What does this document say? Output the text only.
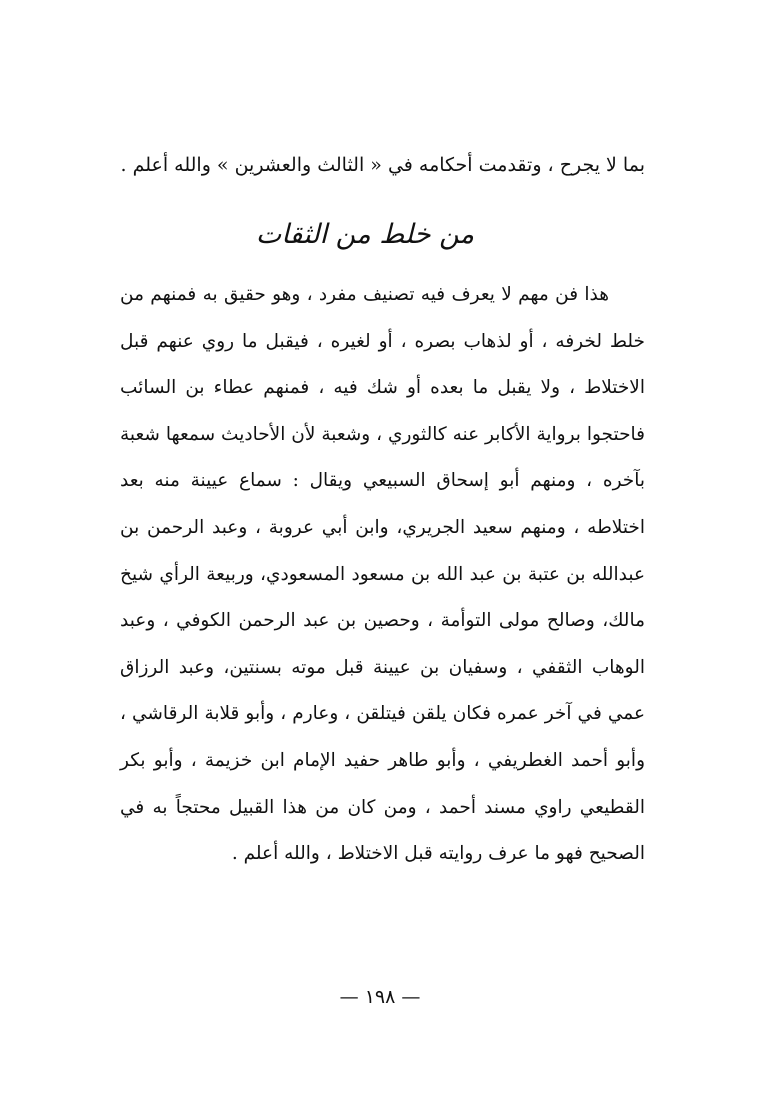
بما لا يجرح ، وتقدمت أحكامه في « الثالث والعشرين » والله أعلم .
من خلط من الثقات

هذا فن مهم لا يعرف فيه تصنيف مفرد ، وهو حقيق به فمنهم من خلط لخرفه ، أو لذهاب بصره ، أو لغيره ، فيقبل ما روي عنهم قبل الاختلاط ، ولا يقبل ما بعده أو شك فيه ، فمنهم عطاء بن السائب فاحتجوا برواية الأكابر عنه كالثوري ، وشعبة لأن الأحاديث سمعها شعبة بآخره ، ومنهم أبو إسحاق السبيعي ويقال : سماع عيينة منه بعد اختلاطه ، ومنهم سعيد الجريري، وابن أبي عروبة ، وعبد الرحمن بن عبدالله بن عتبة بن عبد الله بن مسعود المسعودي، وربيعة الرأي شيخ مالك، وصالح مولى التوأمة ، وحصين بن عبد الرحمن الكوفي ، وعبد الوهاب الثقفي ، وسفيان بن عيينة قبل موته بسنتين، وعبد الرزاق عمي في آخر عمره فكان يلقن فيتلقن ، وعارم ، وأبو قلابة الرقاشي ، وأبو أحمد الغطريفي ، وأبو طاهر حفيد الإمام ابن خزيمة ، وأبو بكر القطيعي راوي مسند أحمد ، ومن كان من هذا القبيل محتجاً به في الصحيح فهو ما عرف روايته قبل الاختلاط ، والله أعلم .

— ١٩٨ —
